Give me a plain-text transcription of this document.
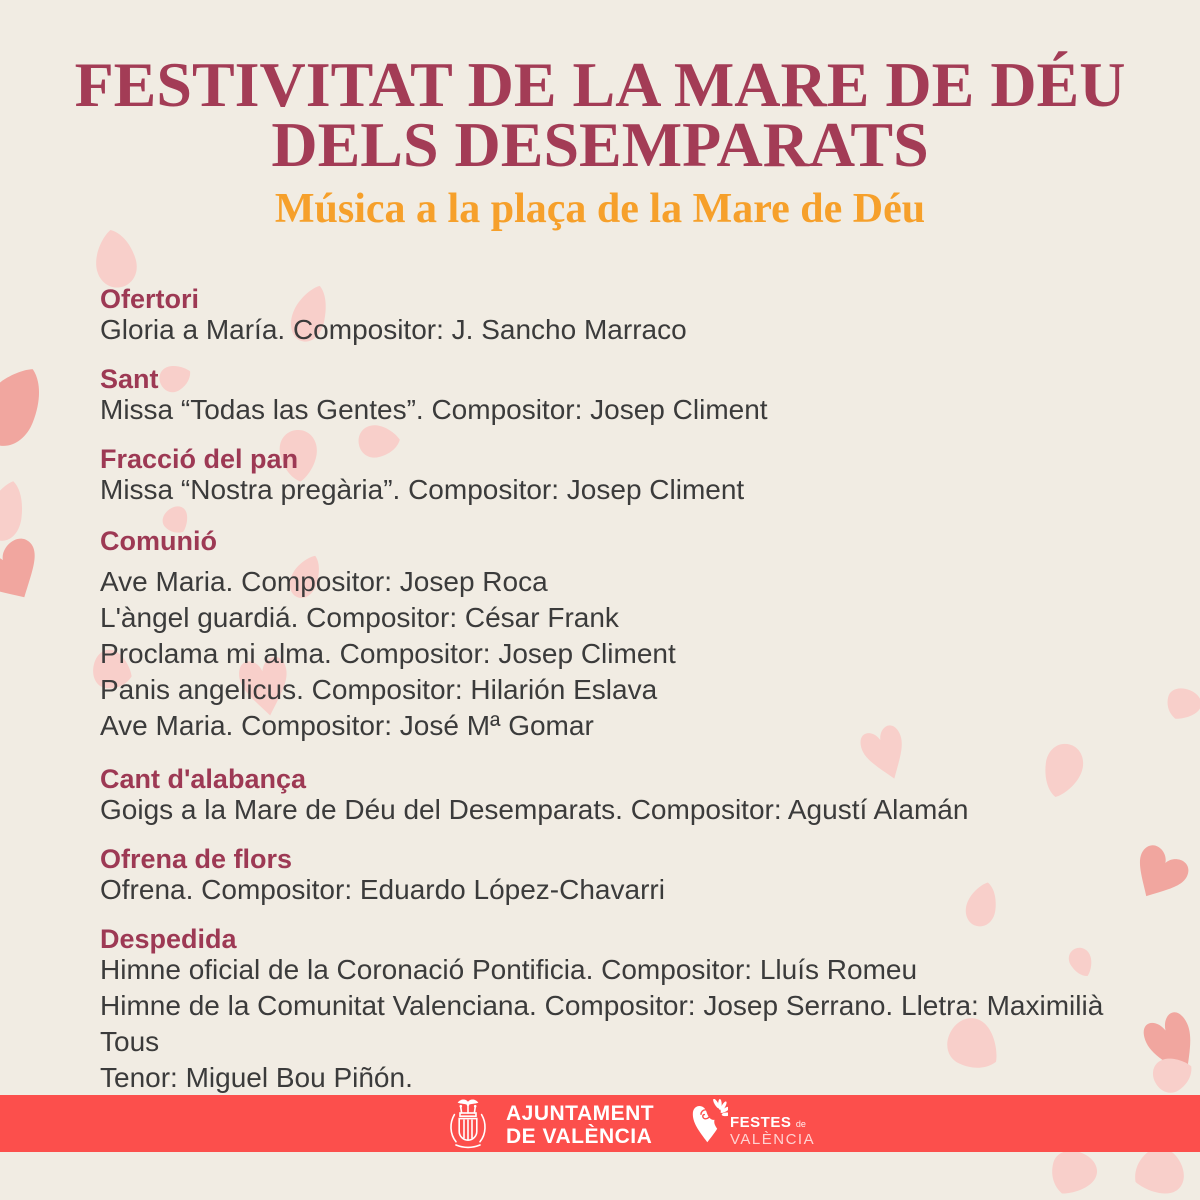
FESTIVITAT DE LA MARE DE DÉU
DELS DESEMPARATS
Música a la plaça de la Mare de Déu
Ofertori
Gloria a María. Compositor: J. Sancho Marraco
Sant
Missa “Todas las Gentes”. Compositor: Josep Climent
Fracció del pan
Missa “Nostra pregària”. Compositor: Josep Climent
Comunió
Ave Maria. Compositor: Josep Roca
L'àngel guardiá. Compositor: César Frank
Proclama mi alma. Compositor: Josep Climent
Panis angelicus. Compositor: Hilarión Eslava
Ave Maria. Compositor: José Mª Gomar
Cant d'alabança
Goigs a la Mare de Déu del Desemparats. Compositor: Agustí Alamán
Ofrena de flors
Ofrena. Compositor: Eduardo López-Chavarri
Despedida
Himne oficial de la Coronació Pontificia. Compositor: Lluís Romeu
Himne de la Comunitat Valenciana. Compositor: Josep Serrano. Lletra: Maximilià Tous
Tenor: Miguel Bou Piñón.
AJUNTAMENT
DE VALÈNCIA
FESTES de
VALÈNCIA
